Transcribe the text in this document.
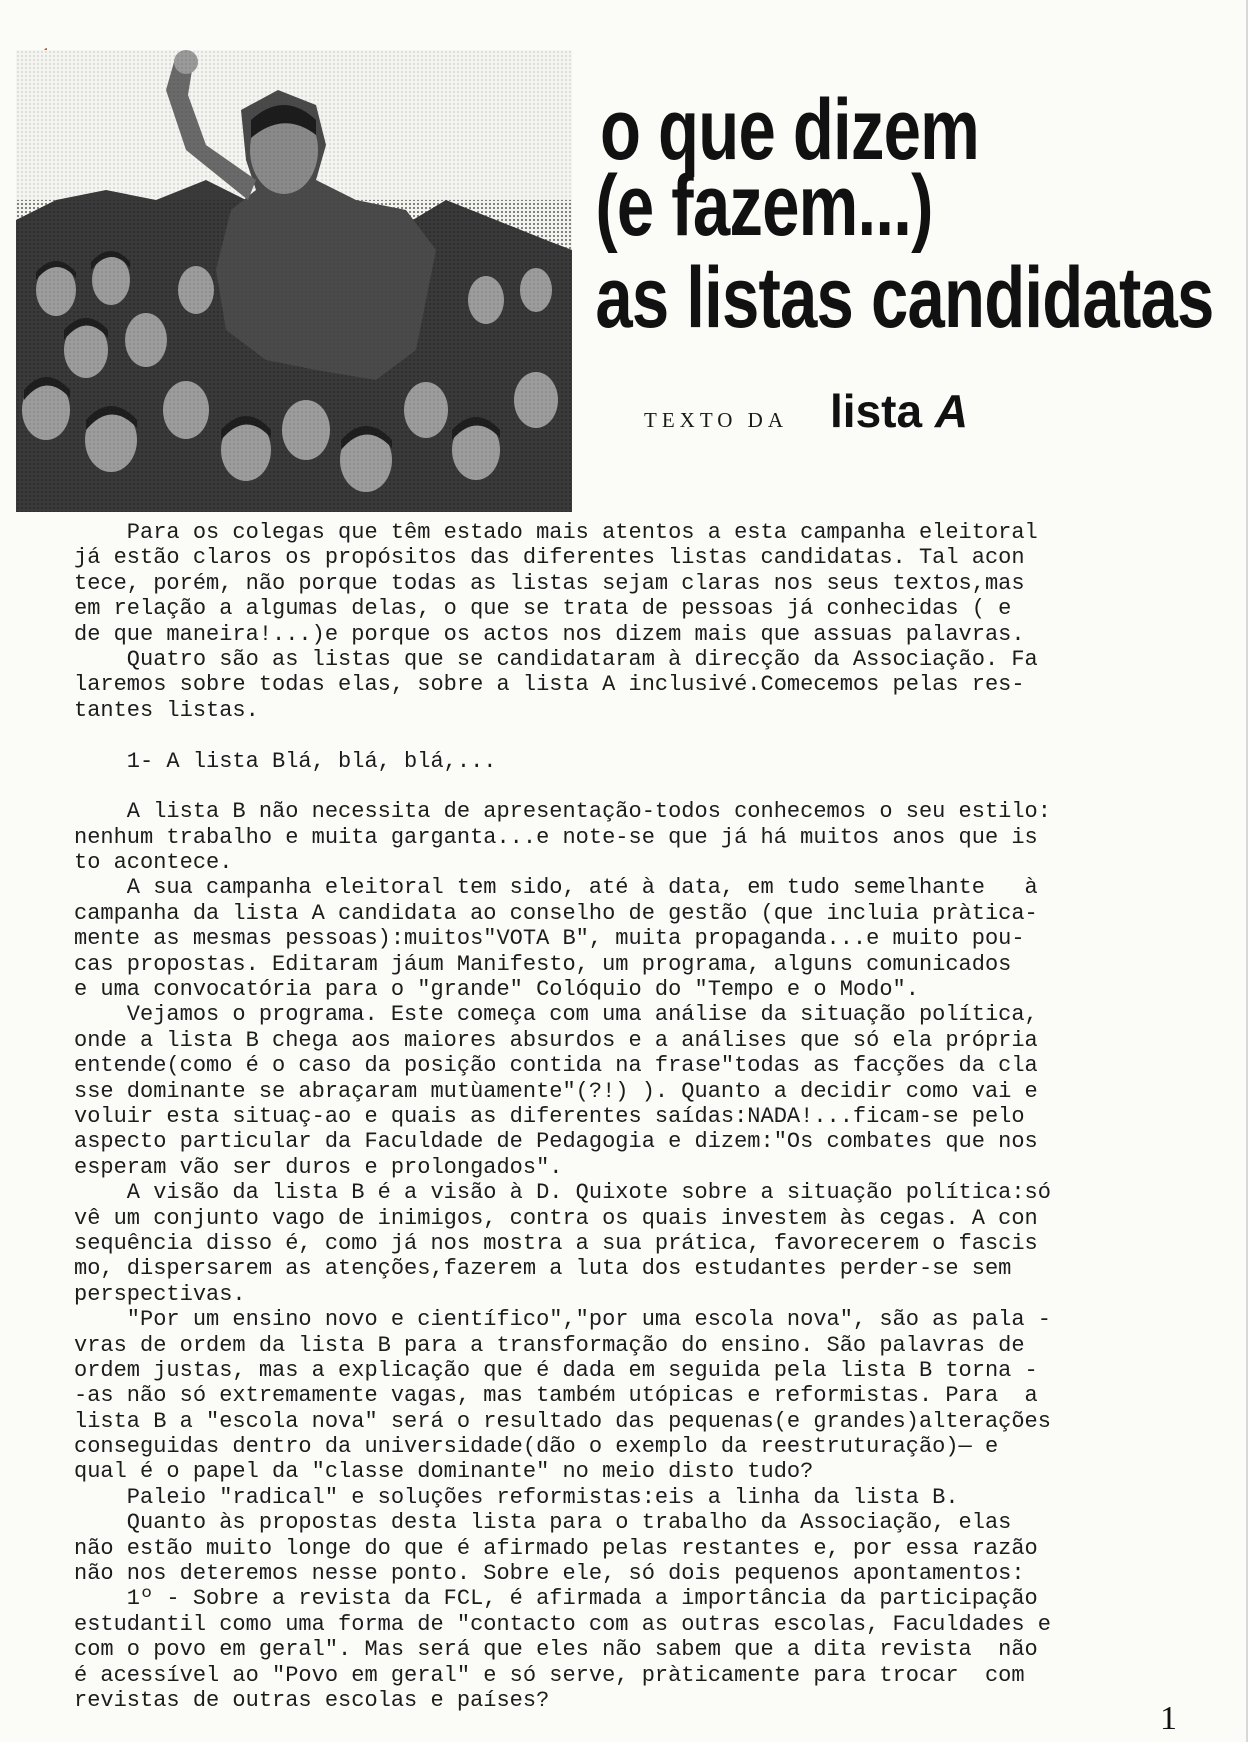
o que dizem
(e fazem...)
as listas candidatas
TEXTO DA lista A
Para os colegas que têm estado mais atentos a esta campanha eleitoral
já estão claros os propósitos das diferentes listas candidatas. Tal acon
tece, porém, não porque todas as listas sejam claras nos seus textos,mas
em relação a algumas delas, o que se trata de pessoas já conhecidas ( e
de que maneira!...)e porque os actos nos dizem mais que assuas palavras.
Quatro são as listas que se candidataram à direcção da Associação. Fa
laremos sobre todas elas, sobre a lista A inclusivé.Comecemos pelas res-
tantes listas.
1- A lista Blá, blá, blá,...
A lista B não necessita de apresentação-todos conhecemos o seu estilo:
nenhum trabalho e muita garganta...e note-se que já há muitos anos que is
to acontece.
A sua campanha eleitoral tem sido, até à data, em tudo semelhante   à
campanha da lista A candidata ao conselho de gestão (que incluia pràtica-
mente as mesmas pessoas):muitos"VOTA B", muita propaganda...e muito pou-
cas propostas. Editaram jáum Manifesto, um programa, alguns comunicados
e uma convocatória para o "grande" Colóquio do "Tempo e o Modo".
Vejamos o programa. Este começa com uma análise da situação política,
onde a lista B chega aos maiores absurdos e a análises que só ela própria
entende(como é o caso da posição contida na frase"todas as facções da cla
sse dominante se abraçaram mutùamente"(?!) ). Quanto a decidir como vai e
voluir esta situaç-ao e quais as diferentes saídas:NADA!...ficam-se pelo
aspecto particular da Faculdade de Pedagogia e dizem:"Os combates que nos
esperam vão ser duros e prolongados".
A visão da lista B é a visão à D. Quixote sobre a situação política:só
vê um conjunto vago de inimigos, contra os quais investem às cegas. A con
sequência disso é, como já nos mostra a sua prática, favorecerem o fascis
mo, dispersarem as atenções,fazerem a luta dos estudantes perder-se sem
perspectivas.
"Por um ensino novo e científico","por uma escola nova", são as pala -
vras de ordem da lista B para a transformação do ensino. São palavras de
ordem justas, mas a explicação que é dada em seguida pela lista B torna -
-as não só extremamente vagas, mas também utópicas e reformistas. Para  a
lista B a "escola nova" será o resultado das pequenas(e grandes)alterações
conseguidas dentro da universidade(dão o exemplo da reestruturação)— e
qual é o papel da "classe dominante" no meio disto tudo?
Paleio "radical" e soluções reformistas:eis a linha da lista B.
Quanto às propostas desta lista para o trabalho da Associação, elas
não estão muito longe do que é afirmado pelas restantes e, por essa razão
não nos deteremos nesse ponto. Sobre ele, só dois pequenos apontamentos:
1º - Sobre a revista da FCL, é afirmada a importância da participação
estudantil como uma forma de "contacto com as outras escolas, Faculdades e
com o povo em geral". Mas será que eles não sabem que a dita revista  não
é acessível ao "Povo em geral" e só serve, pràticamente para trocar  com
revistas de outras escolas e países?	1
